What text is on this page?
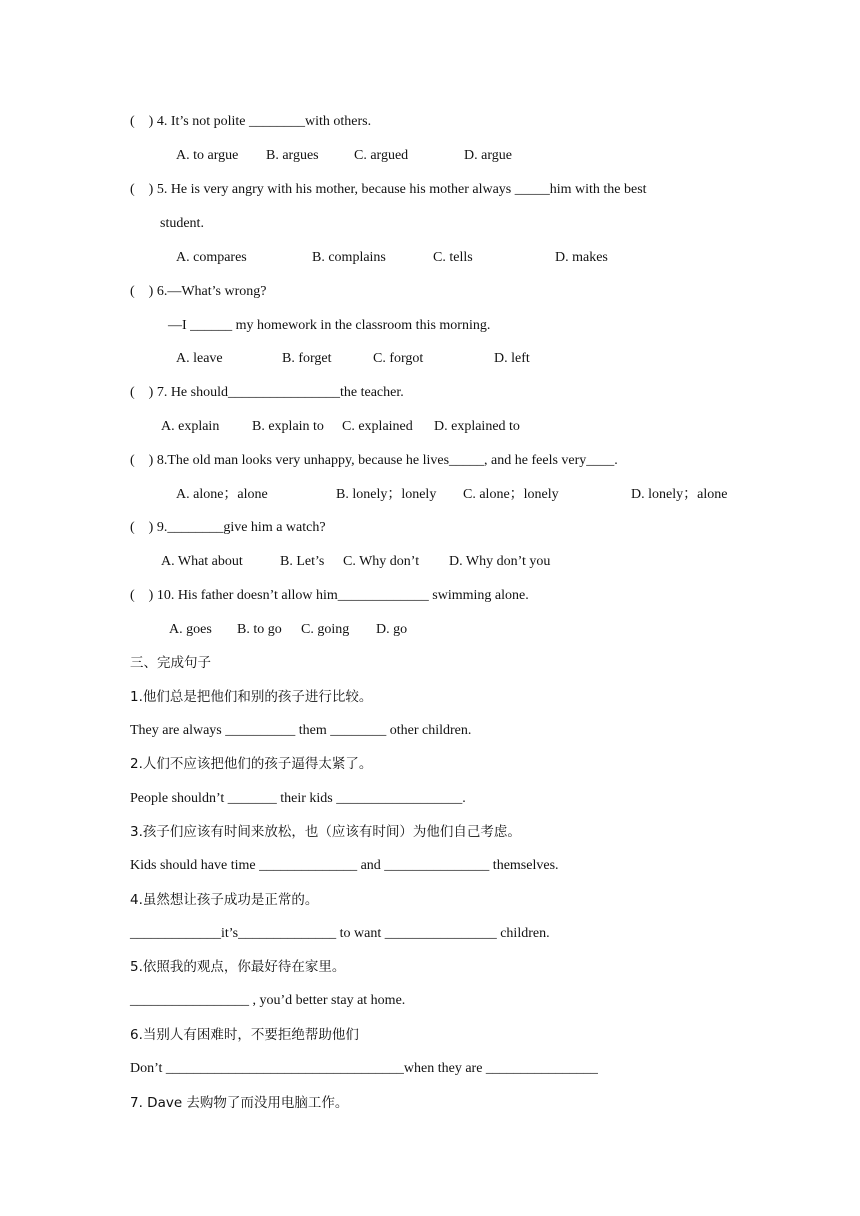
(    ) 4. It’s not polite ________with others.

A. to argue

B. argues

	C. argued

	D. argue

(    ) 5. He is very angry with his mother, because his mother always _____him with the best
student.

A. compares

	B. complains

	C. tells

	D. makes

(    ) 6.—What’s wrong?
—I ______ my homework in the classroom this morning.

A. leave

	B. forget

	C. forgot

	D. left

(    ) 7. He should________________the teacher.

A. explain

B. explain to

C. explained

D. explained to

(    ) 8.The old man looks very unhappy, because he lives_____, and he feels very____.

A. alone；alone

	B. lonely；lonely

C. alone；lonely

	D. lonely；alone

(    ) 9.________give him a watch?

A. What about

	B. Let’s

C. Why don’t

D. Why don’t you

(    ) 10. His father doesn’t allow him_____________ swimming alone.

A. goes

B. to go

C. going

D. go

三、完成句子
1.他们总是把他们和别的孩子进行比较。
They are always __________ them ________ other children.
2.人们不应该把他们的孩子逼得太紧了。
People shouldn’t _______ their kids __________________.
3.孩子们应该有时间来放松，也（应该有时间）为他们自己考虑。
Kids should have time ______________ and _______________ themselves.
4.虽然想让孩子成功是正常的。
_____________it’s______________ to want ________________ children.
5.依照我的观点，你最好待在家里。
_________________ , you’d better stay at home.
6.当别人有困难时，不要拒绝帮助他们
Don’t __________________________________when they are ________________
7. Dave 去购物了而没用电脑工作。
